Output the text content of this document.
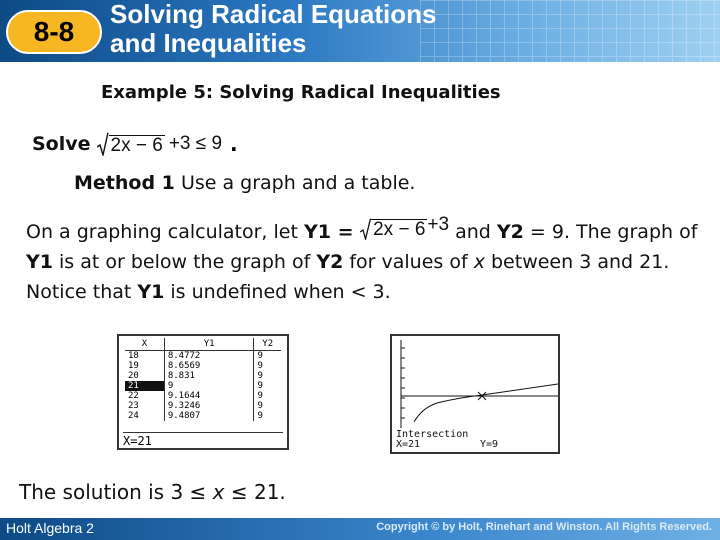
8-8
Solving Radical Equations
and Inequalities
Example 5: Solving Radical Inequalities
Solve 2x − 6 +3 ≤ 9 .
Method 1 Use a graph and a table.
On a graphing calculator, let Y1 = 2x − 6 +3 and Y2 = 9. The graph of Y1 is at or below the graph of Y2 for values of x between 3 and 21. Notice that Y1 is undefined when < 3.
X	Y1	Y2
18	8.4772	9
19	8.6569	9
20	8.831	9
21	9	9
22	9.1644	9
23	9.3246	9
24	9.4807	9
X=21	Intersection
X=21	Y=9
The solution is 3 ≤ x ≤ 21.
Holt Algebra 2	Copyright © by Holt, Rinehart and Winston. All Rights Reserved.
